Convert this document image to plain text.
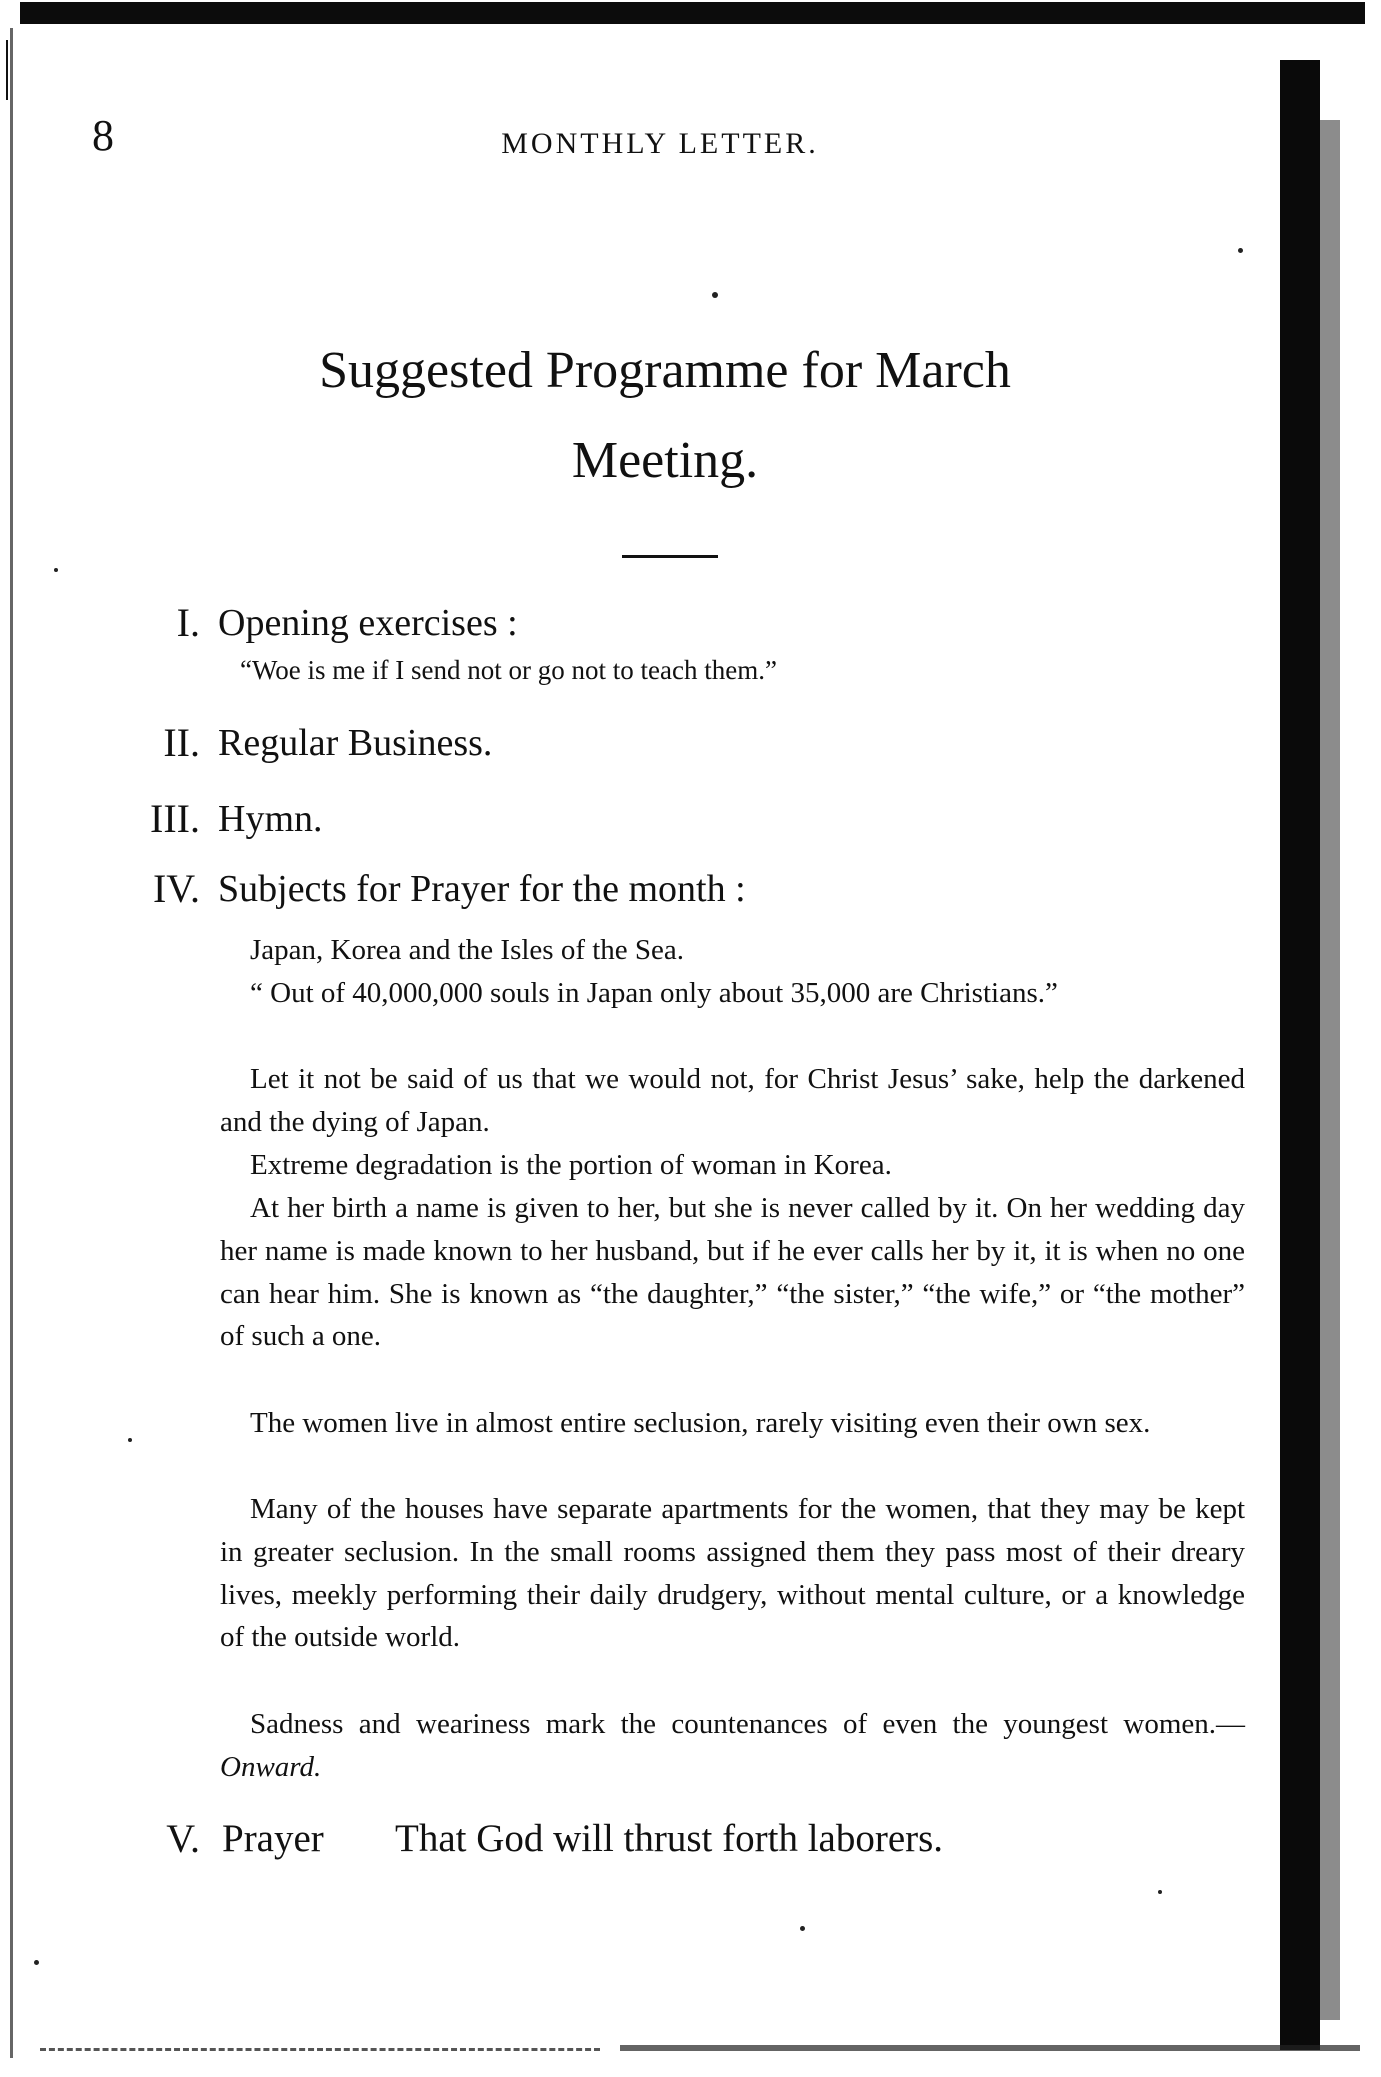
8	MONTHLY LETTER.
Suggested Programme for March
Meeting.
I. Opening exercises :
“Woe is me if I send not or go not to teach them.”
II. Regular Business.
III. Hymn.
IV. Subjects for Prayer for the month :

Japan, Korea and the Isles of the Sea.

“ Out of 40,000,000 souls in Japan only about 35,000 are Christians.”

Let it not be said of us that we would not, for Christ Jesus’ sake, help the darkened and the dying of Japan.

Extreme degradation is the portion of woman in Korea.

At her birth a name is given to her, but she is never called by it. On her wedding day her name is made known to her husband, but if he ever calls her by it, it is when no one can hear him. She is known as “the daughter,” “the sister,” “the wife,” or “the mother” of such a one.

The women live in almost entire seclusion, rarely visiting even their own sex.

Many of the houses have separate apartments for the women, that they may be kept in greater seclusion. In the small rooms assigned them they pass most of their dreary lives, meekly performing their daily drudgery, without mental culture, or a knowledge of the outside world.

Sadness and weariness mark the countenances of even the youngest women.—Onward.

V. Prayer That God will thrust forth laborers.
